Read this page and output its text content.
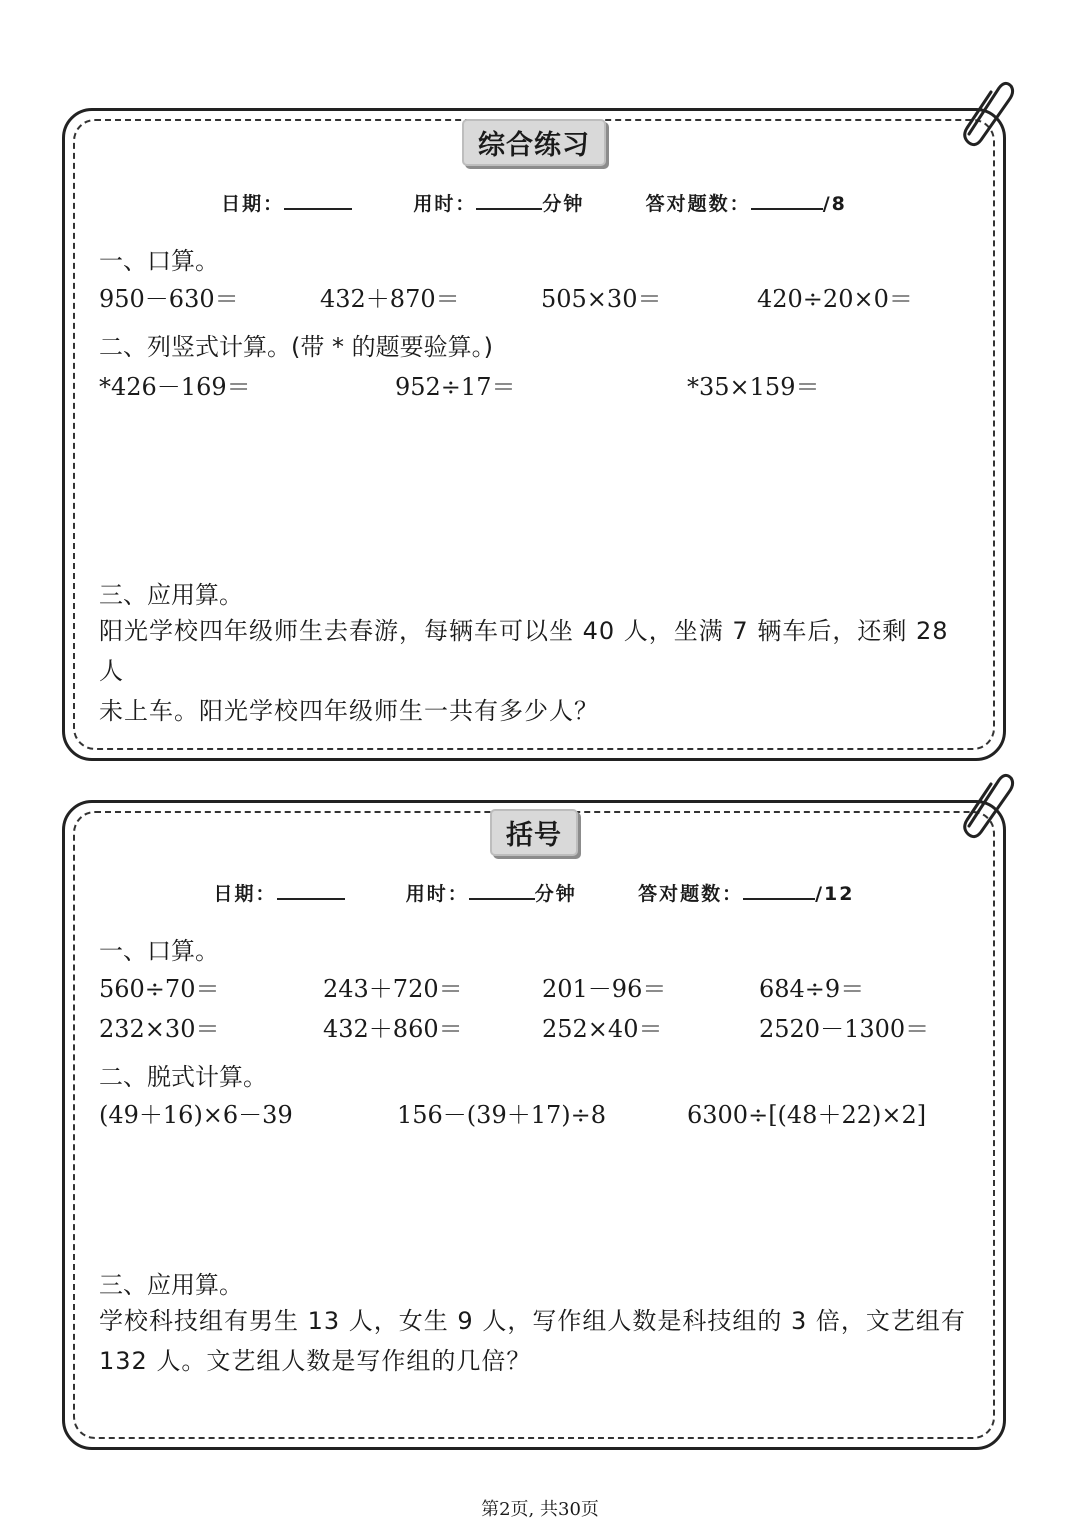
综合练习
日期：	用时：	分钟	答对题数：	/8
一、口算。
950－630＝	432＋870＝	505×30＝	420÷20×0＝
二、列竖式计算。(带 * 的题要验算。)
*426－169＝	952÷17＝	*35×159＝
三、应用算。
阳光学校四年级师生去春游，每辆车可以坐 40 人，坐满 7 辆车后，还剩 28 人
未上车。阳光学校四年级师生一共有多少人？
括号
日期：	用时：	分钟	答对题数：	/12
一、口算。
560÷70＝	243＋720＝	201－96＝	684÷9＝
232×30＝	432＋860＝	252×40＝	2520－1300＝
二、脱式计算。
(49＋16)×6－39	156－(39＋17)÷8	6300÷[(48＋22)×2]
三、应用算。
学校科技组有男生 13 人，女生 9 人，写作组人数是科技组的 3 倍，文艺组有
132 人。文艺组人数是写作组的几倍？
第2页, 共30页
